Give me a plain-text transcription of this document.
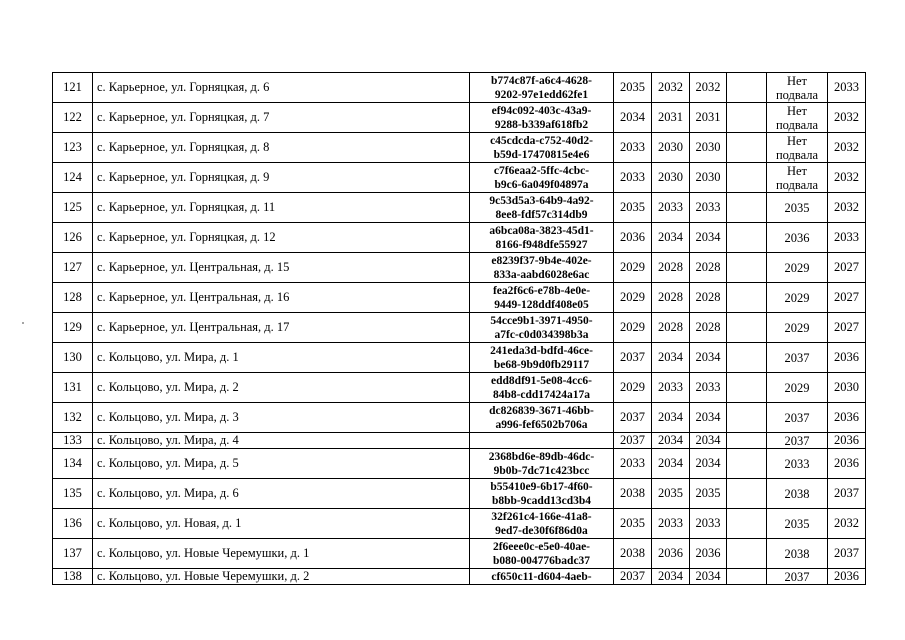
121	с. Карьерное, ул. Горняцкая, д. 6	b774c87f-a6c4-4628-
9202-97e1edd62fe1	2035	2032	2032		Нет
подвала	2033
122	с. Карьерное, ул. Горняцкая, д. 7	ef94c092-403c-43a9-
9288-b339af618fb2	2034	2031	2031		Нет
подвала	2032
123	с. Карьерное, ул. Горняцкая, д. 8	c45cdcda-c752-40d2-
b59d-17470815e4e6	2033	2030	2030		Нет
подвала	2032
124	с. Карьерное, ул. Горняцкая, д. 9	c7f6eaa2-5ffc-4cbc-
b9c6-6a049f04897a	2033	2030	2030		Нет
подвала	2032
125	с. Карьерное, ул. Горняцкая, д. 11	9c53d5a3-64b9-4a92-
8ee8-fdf57c314db9	2035	2033	2033		2035	2032
126	с. Карьерное, ул. Горняцкая, д. 12	a6bca08a-3823-45d1-
8166-f948dfe55927	2036	2034	2034		2036	2033
127	с. Карьерное, ул. Центральная, д. 15	e8239f37-9b4e-402e-
833a-aabd6028e6ac	2029	2028	2028		2029	2027
128	с. Карьерное, ул. Центральная, д. 16	fea2f6c6-e78b-4e0e-
9449-128ddf408e05	2029	2028	2028		2029	2027
129	с. Карьерное, ул. Центральная, д. 17	54cce9b1-3971-4950-
a7fc-c0d034398b3a	2029	2028	2028		2029	2027
130	с. Кольцово, ул. Мира, д. 1	241eda3d-bdfd-46ce-
be68-9b9d0fb29117	2037	2034	2034		2037	2036
131	с. Кольцово, ул. Мира, д. 2	edd8df91-5e08-4cc6-
84b8-cdd17424a17a	2029	2033	2033		2029	2030
132	с. Кольцово, ул. Мира, д. 3	dc826839-3671-46bb-
a996-fef6502b706a	2037	2034	2034		2037	2036
133	с. Кольцово, ул. Мира, д. 4		2037	2034	2034		2037	2036
134	с. Кольцово, ул. Мира, д. 5	2368bd6e-89db-46dc-
9b0b-7dc71c423bcc	2033	2034	2034		2033	2036
135	с. Кольцово, ул. Мира, д. 6	b55410e9-6b17-4f60-
b8bb-9cadd13cd3b4	2038	2035	2035		2038	2037
136	с. Кольцово, ул. Новая, д. 1	32f261c4-166e-41a8-
9ed7-de30f6f86d0a	2035	2033	2033		2035	2032
137	с. Кольцово, ул. Новые Черемушки, д. 1	2f6eee0c-e5e0-40ae-
b080-004776badc37	2038	2036	2036		2038	2037
138	с. Кольцово, ул. Новые Черемушки, д. 2	cf650c11-d604-4aeb-	2037	2034	2034		2037	2036
